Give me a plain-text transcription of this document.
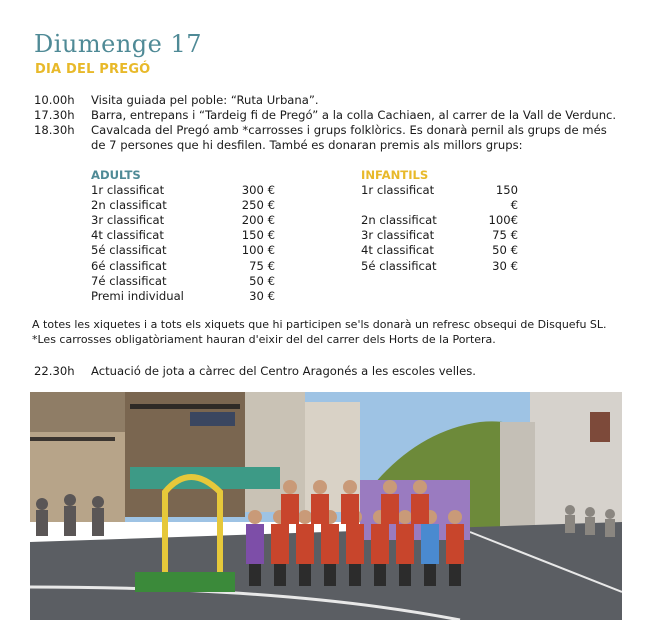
Diumenge 17
DIA DEL PREGÓ
10.00h	Visita guiada pel poble: “Ruta Urbana”.
17.30h	Barra, entrepans i “Tardeig fi de Pregó” a la colla Cachiaen, al carrer de la Vall de Verdunc.
18.30h	Cavalcada del Pregó amb *carrosses i grups folklòrics. Es donarà pernil als grups de més de 7 persones que hi desfilen. També es donaran premis als millors grups:
ADULTS
1r classificat	300 €
2n classificat	250 €
3r classificat	200 €
4t classificat	150 €
5é classificat	100 €
6é classificat	75 €
7é classificat	50 €
Premi individual	30 €
INFANTILS
1r classificat	150 €
2n classificat	100€
3r classificat	75 €
4t classificat	50 €
5é classificat	30 €
A totes les xiquetes i a tots els xiquets que hi participen se'ls donarà un refresc obsequi de Disquefu SL.
*Les carrosses obligatòriament hauran d'eixir del del carrer dels Horts de la Portera.
22.30h	Actuació de jota a càrrec del Centro Aragonés a les escoles velles.
